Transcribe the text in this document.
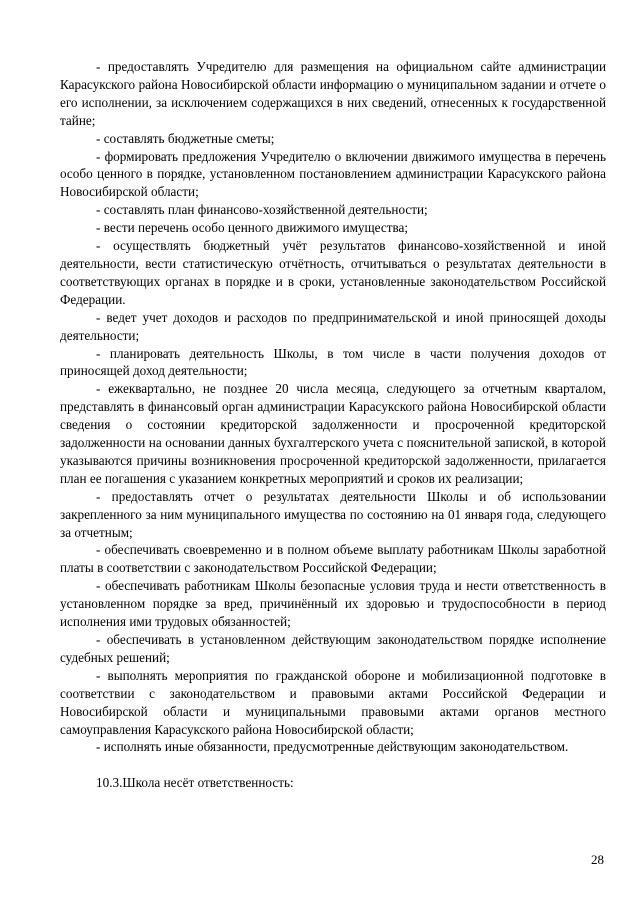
- предоставлять Учредителю для размещения на официальном сайте администрации Карасукского района Новосибирской области информацию о муниципальном задании и отчете о его исполнении, за исключением содержащихся в них сведений, отнесенных к государственной тайне;

- составлять бюджетные сметы;

- формировать предложения Учредителю о включении движимого имущества в перечень особо ценного в порядке, установленном постановлением администрации Карасукского района Новосибирской области;

- составлять план финансово-хозяйственной деятельности;

- вести перечень особо ценного движимого имущества;

- осуществлять бюджетный учёт результатов финансово-хозяйственной и иной деятельности, вести статистическую отчётность, отчитываться о результатах деятельности в соответствующих органах в порядке и в сроки, установленные законодательством Российской Федерации.

- ведет учет доходов и расходов по предпринимательской и иной приносящей доходы деятельности;

- планировать деятельность Школы, в том числе в части получения доходов от приносящей доход деятельности;

- ежеквартально, не позднее 20 числа месяца, следующего за отчетным кварталом, представлять в финансовый орган администрации Карасукского района Новосибирской области сведения о состоянии кредиторской задолженности и просроченной кредиторской задолженности на основании данных бухгалтерского учета с пояснительной запиской, в которой указываются причины возникновения просроченной кредиторской задолженности, прилагается план ее погашения с указанием конкретных мероприятий и сроков их реализации;

- предоставлять отчет о результатах деятельности Школы и об использовании закрепленного за ним муниципального имущества по состоянию на 01 января года, следующего за отчетным;

- обеспечивать своевременно и в полном объеме выплату работникам Школы заработной платы в соответствии с законодательством Российской Федерации;

- обеспечивать работникам Школы безопасные условия труда и нести ответственность в установленном порядке за вред, причинённый их здоровью и трудоспособности в период исполнения ими трудовых обязанностей;

- обеспечивать в установленном действующим законодательством порядке исполнение судебных решений;

- выполнять мероприятия по гражданской обороне и мобилизационной подготовке в соответствии с законодательством и правовыми актами Российской Федерации и Новосибирской области и муниципальными правовыми актами органов местного самоуправления Карасукского района Новосибирской области;

- исполнять иные обязанности, предусмотренные действующим законодательством.

10.3.Школа несёт ответственность:

28
